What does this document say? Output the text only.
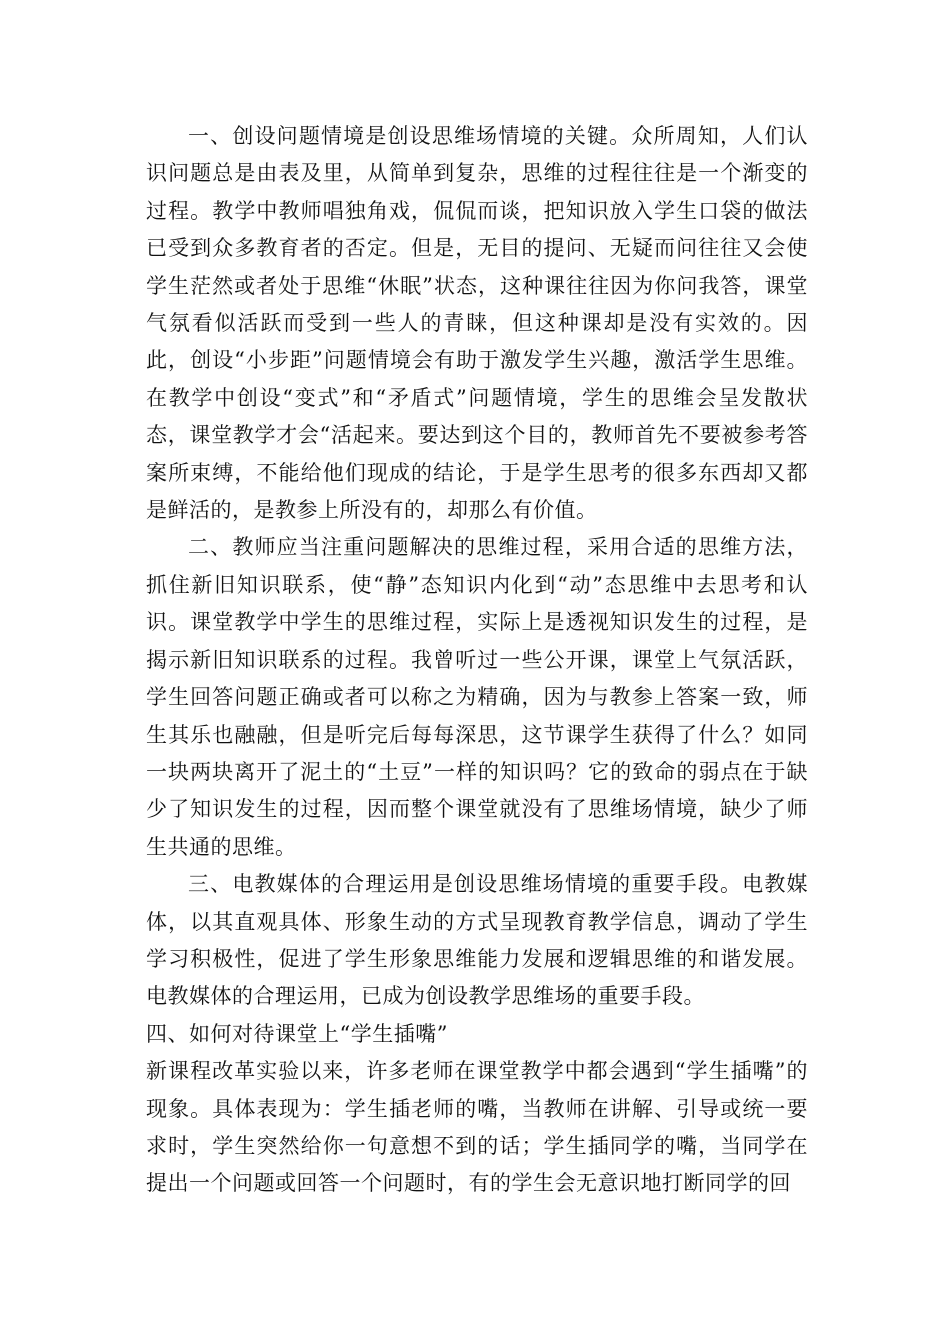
一、创设问题情境是创设思维场情境的关键。众所周知，人们认识问题总是由表及里，从简单到复杂，思维的过程往往是一个渐变的过程。教学中教师唱独角戏，侃侃而谈，把知识放入学生口袋的做法已受到众多教育者的否定。但是，无目的提问、无疑而问往往又会使学生茫然或者处于思维“休眠”状态，这种课往往因为你问我答，课堂气氛看似活跃而受到一些人的青睐，但这种课却是没有实效的。因此，创设“小步距”问题情境会有助于激发学生兴趣，激活学生思维。在教学中创设“变式”和“矛盾式”问题情境，学生的思维会呈发散状态，课堂教学才会“活起来。要达到这个目的，教师首先不要被参考答案所束缚，不能给他们现成的结论，于是学生思考的很多东西却又都是鲜活的，是教参上所没有的，却那么有价值。

二、教师应当注重问题解决的思维过程，采用合适的思维方法，抓住新旧知识联系，使“静”态知识内化到“动”态思维中去思考和认识。课堂教学中学生的思维过程，实际上是透视知识发生的过程，是揭示新旧知识联系的过程。我曾听过一些公开课，课堂上气氛活跃，学生回答问题正确或者可以称之为精确，因为与教参上答案一致，师生其乐也融融，但是听完后每每深思，这节课学生获得了什么？如同一块两块离开了泥土的“土豆”一样的知识吗？它的致命的弱点在于缺少了知识发生的过程，因而整个课堂就没有了思维场情境，缺少了师生共通的思维。

三、电教媒体的合理运用是创设思维场情境的重要手段。电教媒体，以其直观具体、形象生动的方式呈现教育教学信息，调动了学生学习积极性，促进了学生形象思维能力发展和逻辑思维的和谐发展。电教媒体的合理运用，已成为创设教学思维场的重要手段。

四、如何对待课堂上“学生插嘴”

新课程改革实验以来，许多老师在课堂教学中都会遇到“学生插嘴”的现象。具体表现为：学生插老师的嘴，当教师在讲解、引导或统一要求时，学生突然给你一句意想不到的话；学生插同学的嘴，当同学在提出一个问题或回答一个问题时，有的学生会无意识地打断同学的回
